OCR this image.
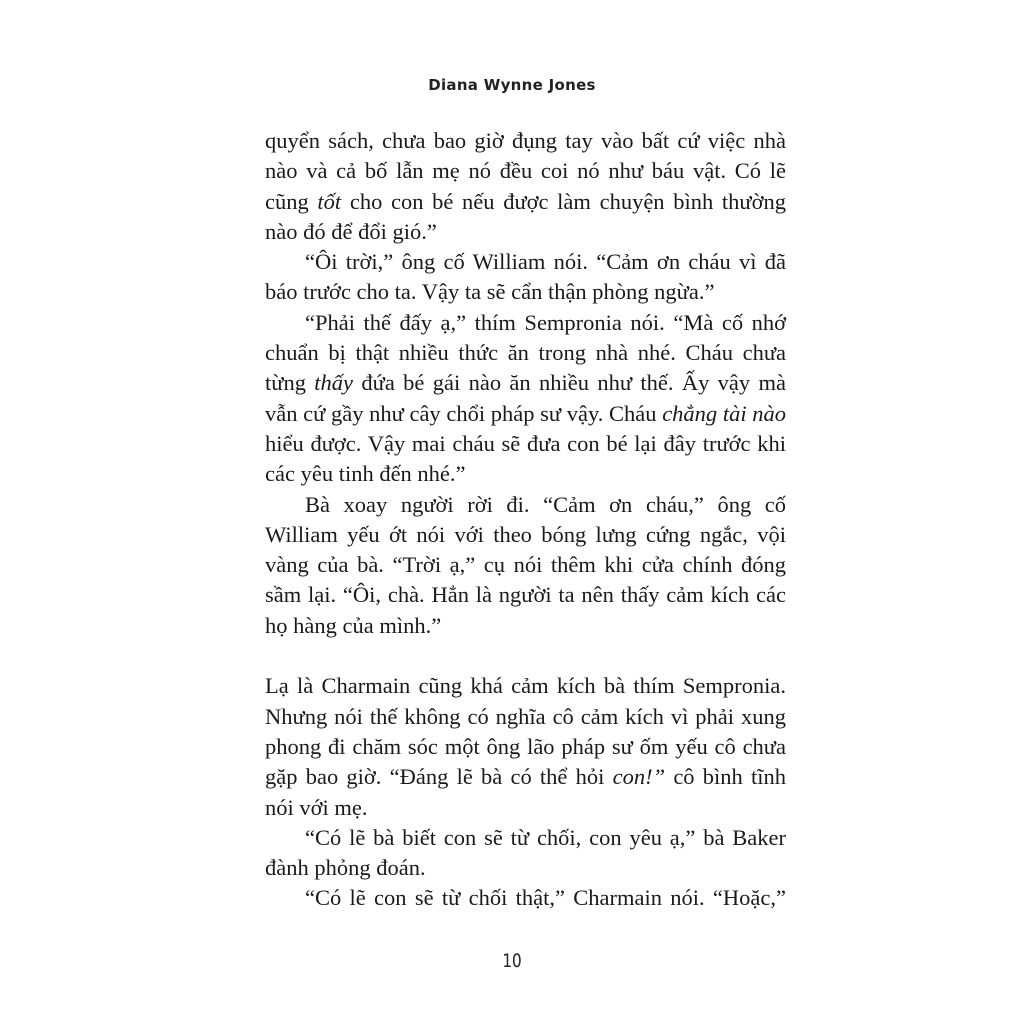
Diana Wynne Jones
quyển sách, chưa bao giờ đụng tay vào bất cứ việc nhà
nào và cả bố lẫn mẹ nó đều coi nó như báu vật. Có lẽ
cũng tốt cho con bé nếu được làm chuyện bình thường
nào đó để đổi gió.”
“Ôi trời,” ông cố William nói. “Cảm ơn cháu vì đã
báo trước cho ta. Vậy ta sẽ cẩn thận phòng ngừa.”
“Phải thế đấy ạ,” thím Sempronia nói. “Mà cố nhớ
chuẩn bị thật nhiều thức ăn trong nhà nhé. Cháu chưa
từng thấy đứa bé gái nào ăn nhiều như thế. Ấy vậy mà
vẫn cứ gầy như cây chổi pháp sư vậy. Cháu chẳng tài nào
hiểu được. Vậy mai cháu sẽ đưa con bé lại đây trước khi
các yêu tinh đến nhé.”
Bà xoay người rời đi. “Cảm ơn cháu,” ông cố
William yếu ớt nói với theo bóng lưng cứng ngắc, vội
vàng của bà. “Trời ạ,” cụ nói thêm khi cửa chính đóng
sầm lại. “Ôi, chà. Hẳn là người ta nên thấy cảm kích các
họ hàng của mình.”
Lạ là Charmain cũng khá cảm kích bà thím Sempronia.
Nhưng nói thế không có nghĩa cô cảm kích vì phải xung
phong đi chăm sóc một ông lão pháp sư ốm yếu cô chưa
gặp bao giờ. “Đáng lẽ bà có thể hỏi con!” cô bình tĩnh
nói với mẹ.
“Có lẽ bà biết con sẽ từ chối, con yêu ạ,” bà Baker
đành phỏng đoán.
“Có lẽ con sẽ từ chối thật,” Charmain nói. “Hoặc,”
10
